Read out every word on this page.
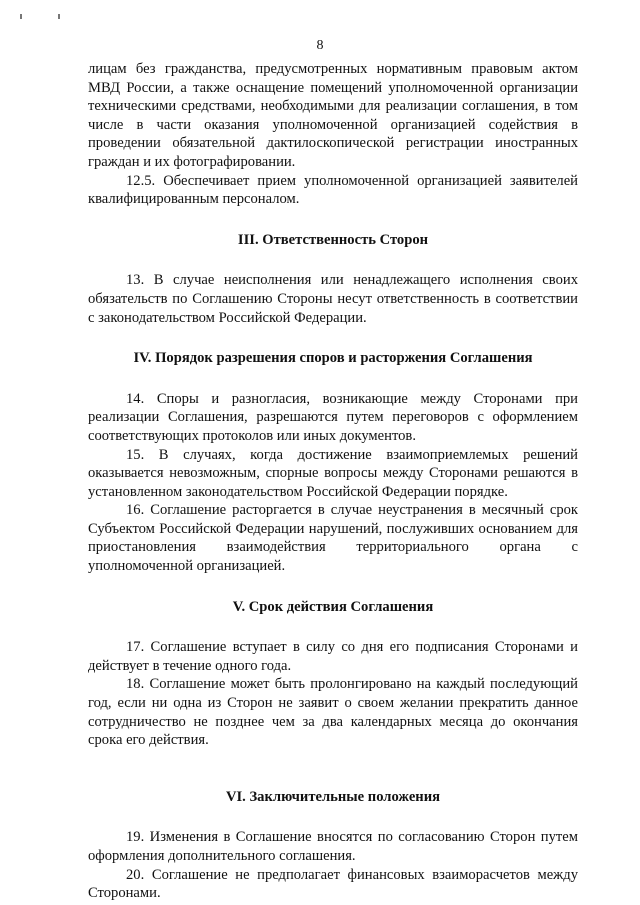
8

лицам без гражданства, предусмотренных нормативным правовым актом МВД России, а также оснащение помещений уполномоченной организации техническими средствами, необходимыми для реализации соглашения, в том числе в части оказания уполномоченной организацией содействия в проведении обязательной дактилоскопической регистрации иностранных граждан и их фотографировании.

12.5. Обеспечивает прием уполномоченной организацией заявителей квалифицированным персоналом.

III. Ответственность Сторон

13. В случае неисполнения или ненадлежащего исполнения своих обязательств по Соглашению Стороны несут ответственность в соответствии с законодательством Российской Федерации.

IV. Порядок разрешения споров и расторжения Соглашения

14. Споры и разногласия, возникающие между Сторонами при реализации Соглашения, разрешаются путем переговоров с оформлением соответствующих протоколов или иных документов.

15. В случаях, когда достижение взаимоприемлемых решений оказывается невозможным, спорные вопросы между Сторонами решаются в установленном законодательством Российской Федерации порядке.

16. Соглашение расторгается в случае неустранения в месячный срок Субъектом Российской Федерации нарушений, послуживших основанием для приостановления взаимодействия территориального органа с уполномоченной организацией.

V. Срок действия Соглашения

17. Соглашение вступает в силу со дня его подписания Сторонами и действует в течение одного года.

18. Соглашение может быть пролонгировано на каждый последующий год, если ни одна из Сторон не заявит о своем желании прекратить данное сотрудничество не позднее чем за два календарных месяца до окончания срока его действия.

VI. Заключительные положения

19. Изменения в Соглашение вносятся по согласованию Сторон путем оформления дополнительного соглашения.

20. Соглашение не предполагает финансовых взаиморасчетов между Сторонами.
